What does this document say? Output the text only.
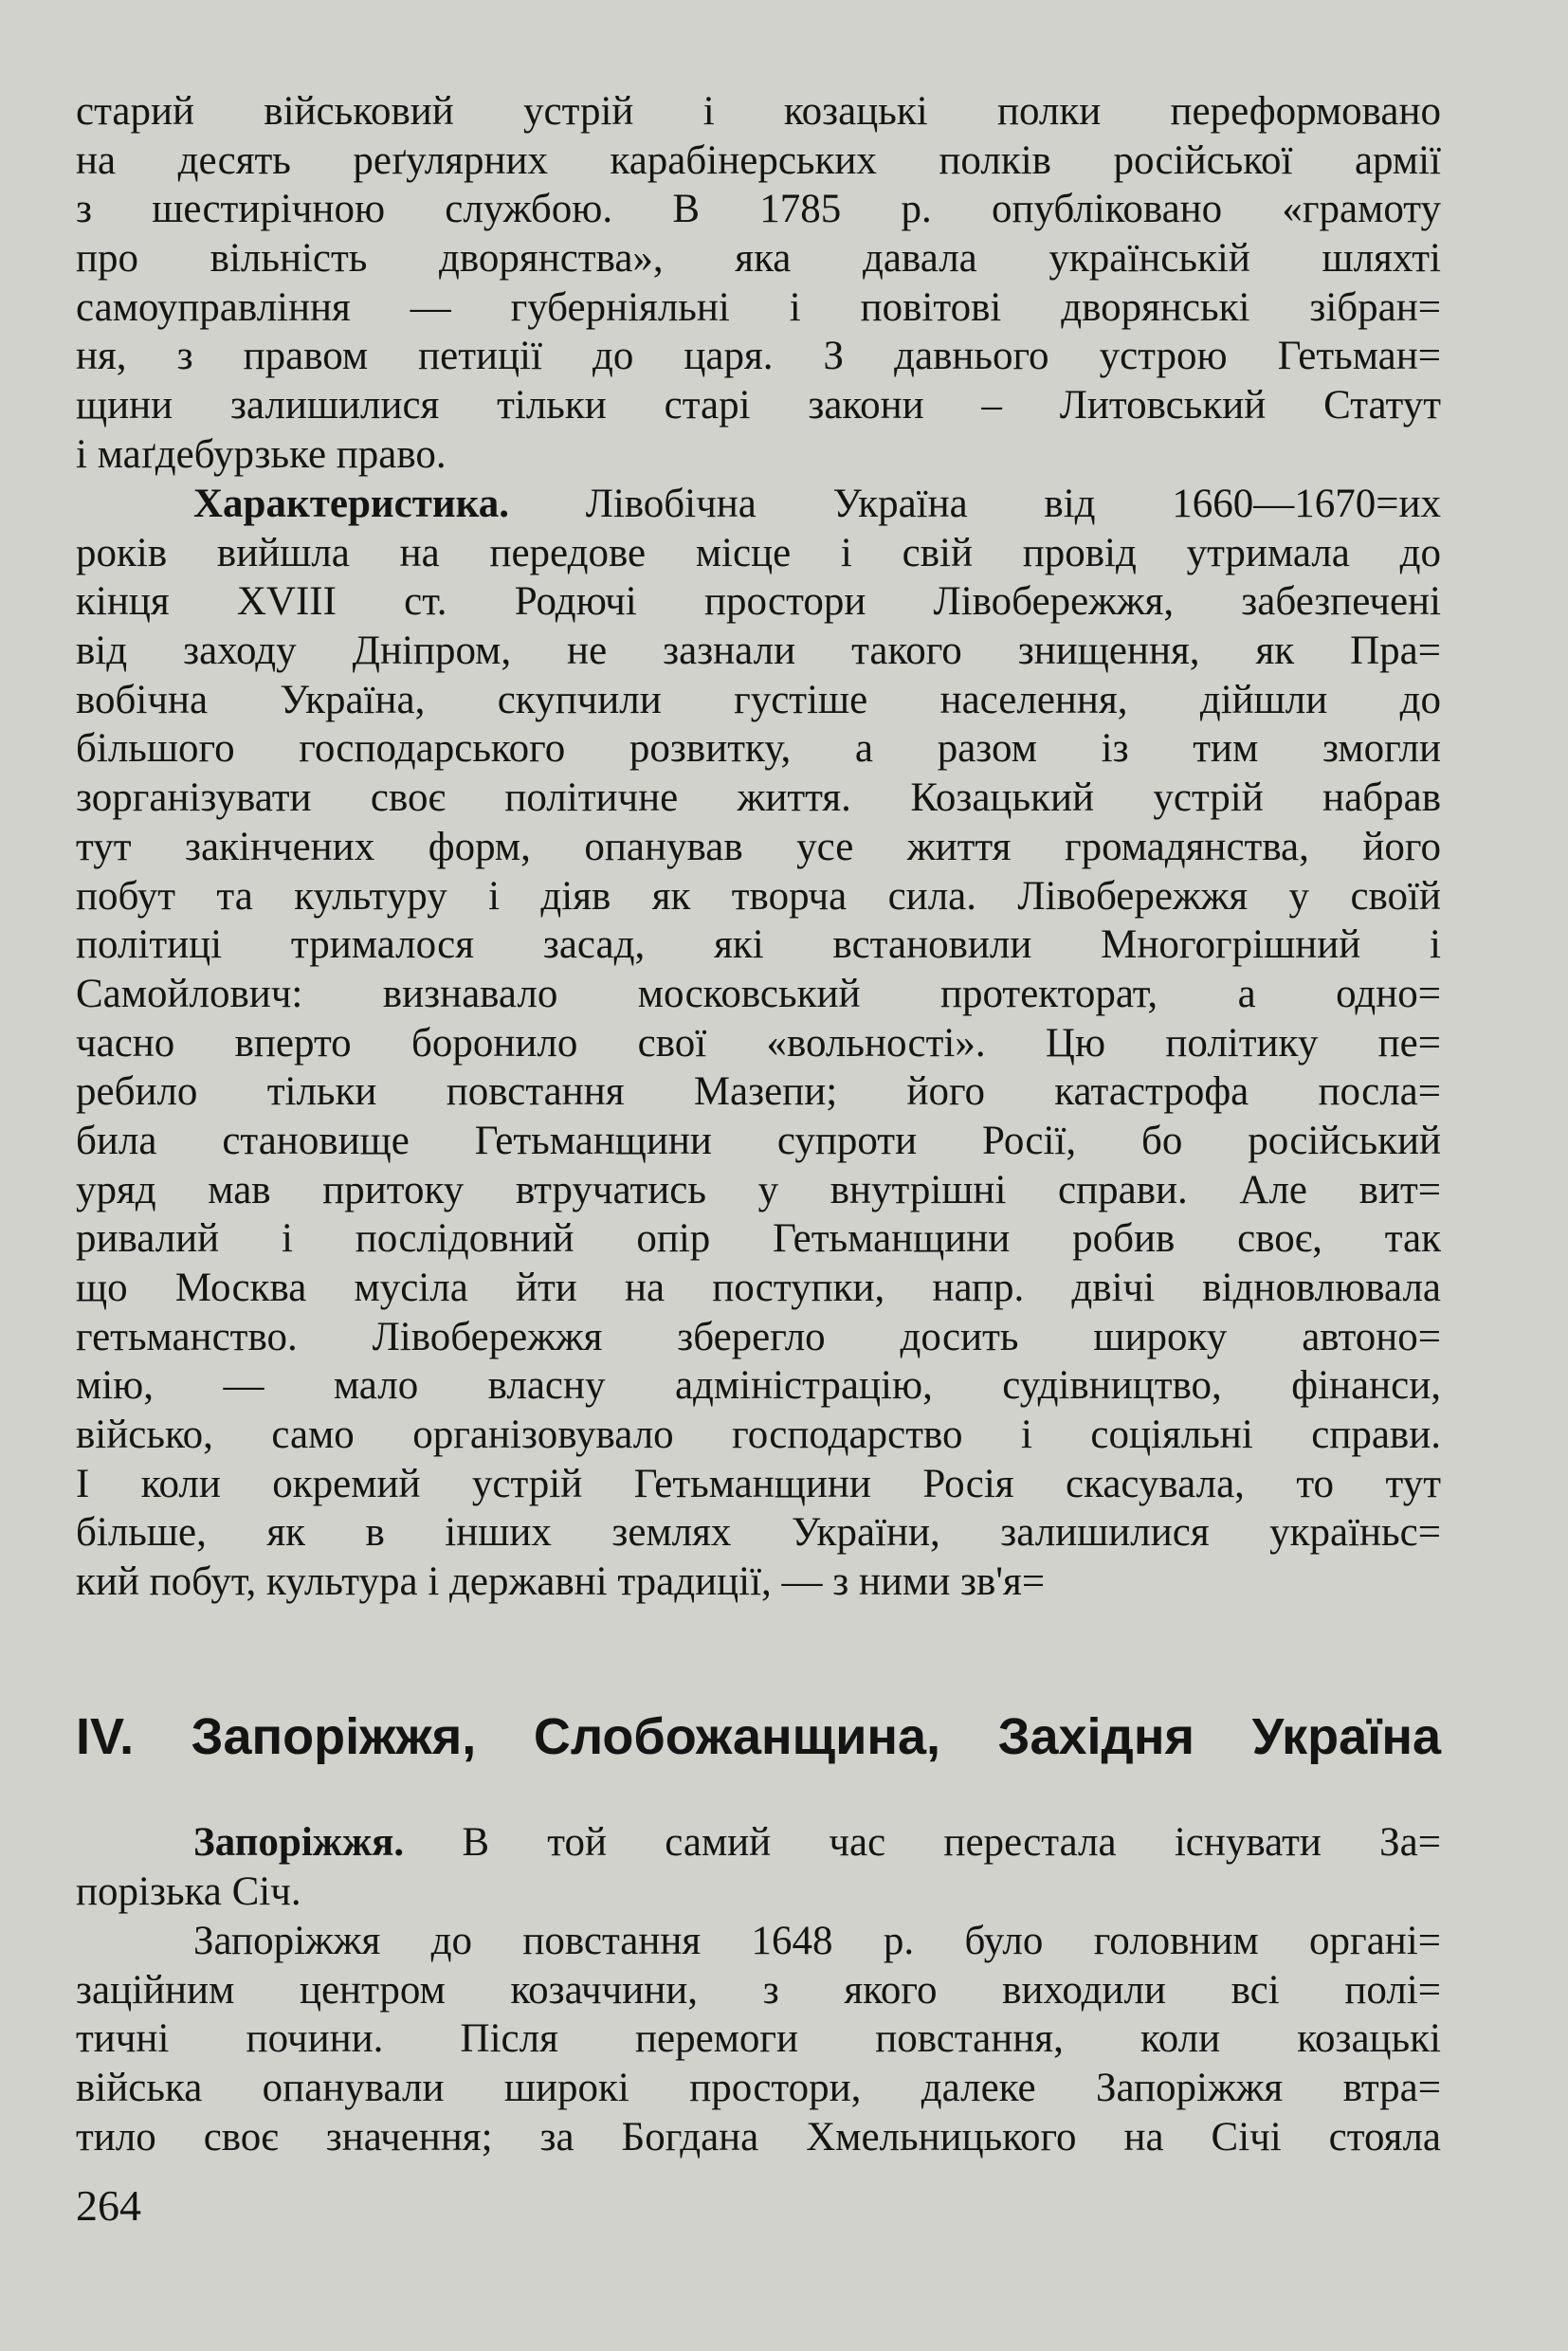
старий військовий устрій і козацькі полки переформовано
на десять реґулярних карабінерських полків російської армії
з шестирічною службою. В 1785 р. опубліковано «грамоту
про вільність дворянства», яка давала українській шляхті
самоуправління — губерніяльні і повітові дворянські зібран=
ня, з правом петиції до царя. З давнього устрою Гетьман=
щини залишилися тільки старі закони – Литовський Статут
і маґдебурзьке право.
Характеристика. Лівобічна Україна від 1660—1670=их
років вийшла на передове місце і свій провід утримала до
кінця XVIII ст. Родючі простори Лівобережжя, забезпечені
від заходу Дніпром, не зазнали такого знищення, як Пра=
вобічна Україна, скупчили густіше населення, дійшли до
більшого господарського розвитку, а разом із тим змогли
зорганізувати своє політичне життя. Козацький устрій набрав
тут закінчених форм, опанував усе життя громадянства, його
побут та культуру і діяв як творча сила. Лівобережжя у своїй
політиці трималося засад, які встановили Многогрішний і
Самойлович: визнавало московський протекторат, а одно=
часно вперто боронило свої «вольності». Цю політику пе=
ребило тільки повстання Мазепи; його катастрофа посла=
била становище Гетьманщини супроти Росії, бо російський
уряд мав притоку втручатись у внутрішні справи. Але вит=
ривалий і послідовний опір Гетьманщини робив своє, так
що Москва мусіла йти на поступки, напр. двічі відновлювала
гетьманство. Лівобережжя зберегло досить широку автоно=
мію, — мало власну адміністрацію, судівництво, фінанси,
військо, само організовувало господарство і соціяльні справи.
І коли окремий устрій Гетьманщини Росія скасувала, то тут
більше, як в інших землях України, залишилися україньс=
кий побут, культура і державні традиції, — з ними зв'я=
IV. Запоріжжя, Слобожанщина, Західня Україна
Запоріжжя. В той самий час перестала існувати За=
порізька Січ.
Запоріжжя до повстання 1648 р. було головним органі=
заційним центром козаччини, з якого виходили всі полі=
тичні почини. Після перемоги повстання, коли козацькі
війська опанували широкі простори, далеке Запоріжжя втра=
тило своє значення; за Богдана Хмельницького на Січі стояла
264
